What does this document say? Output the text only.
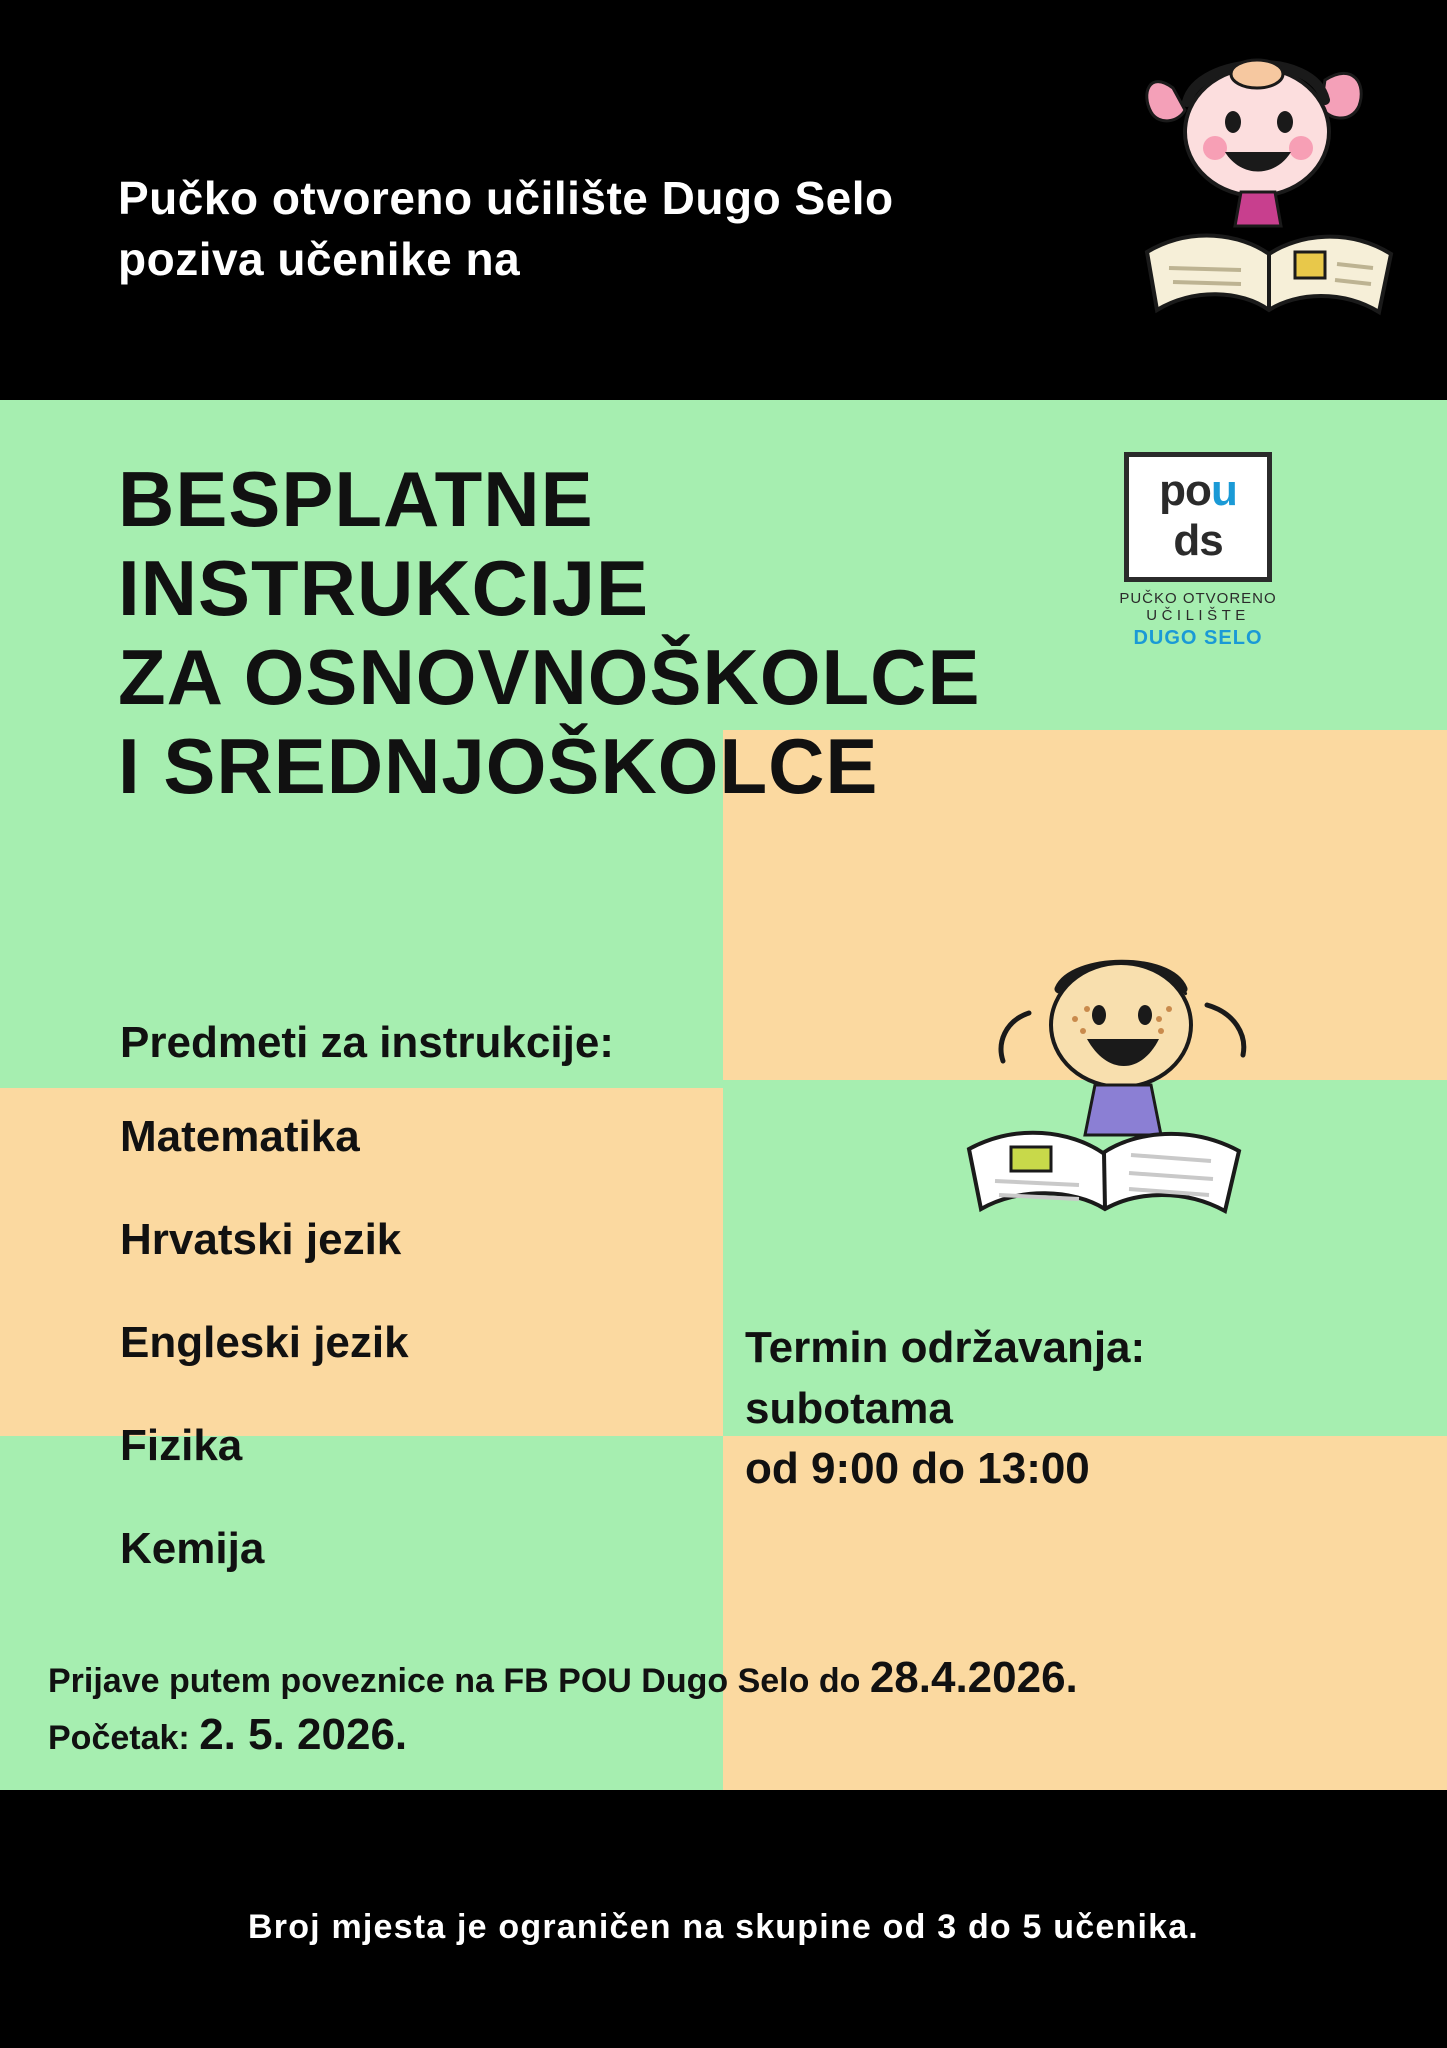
Pučko otvoreno učilište Dugo Selo
poziva učenike na
BESPLATNE
INSTRUKCIJE
ZA OSNOVNOŠKOLCE
I SREDNJOŠKOLCE
pou
ds
PUČKO OTVORENO
UČILIŠTE
DUGO SELO
Predmeti za instrukcije:
Matematika
Hrvatski jezik
Engleski jezik
Fizika
Kemija
Termin održavanja:
subotama
od 9:00 do 13:00
Prijave putem poveznice na FB POU Dugo Selo do 28.4.2026.
Početak: 2. 5. 2026.
Broj mjesta je ograničen na skupine od 3 do 5 učenika.
